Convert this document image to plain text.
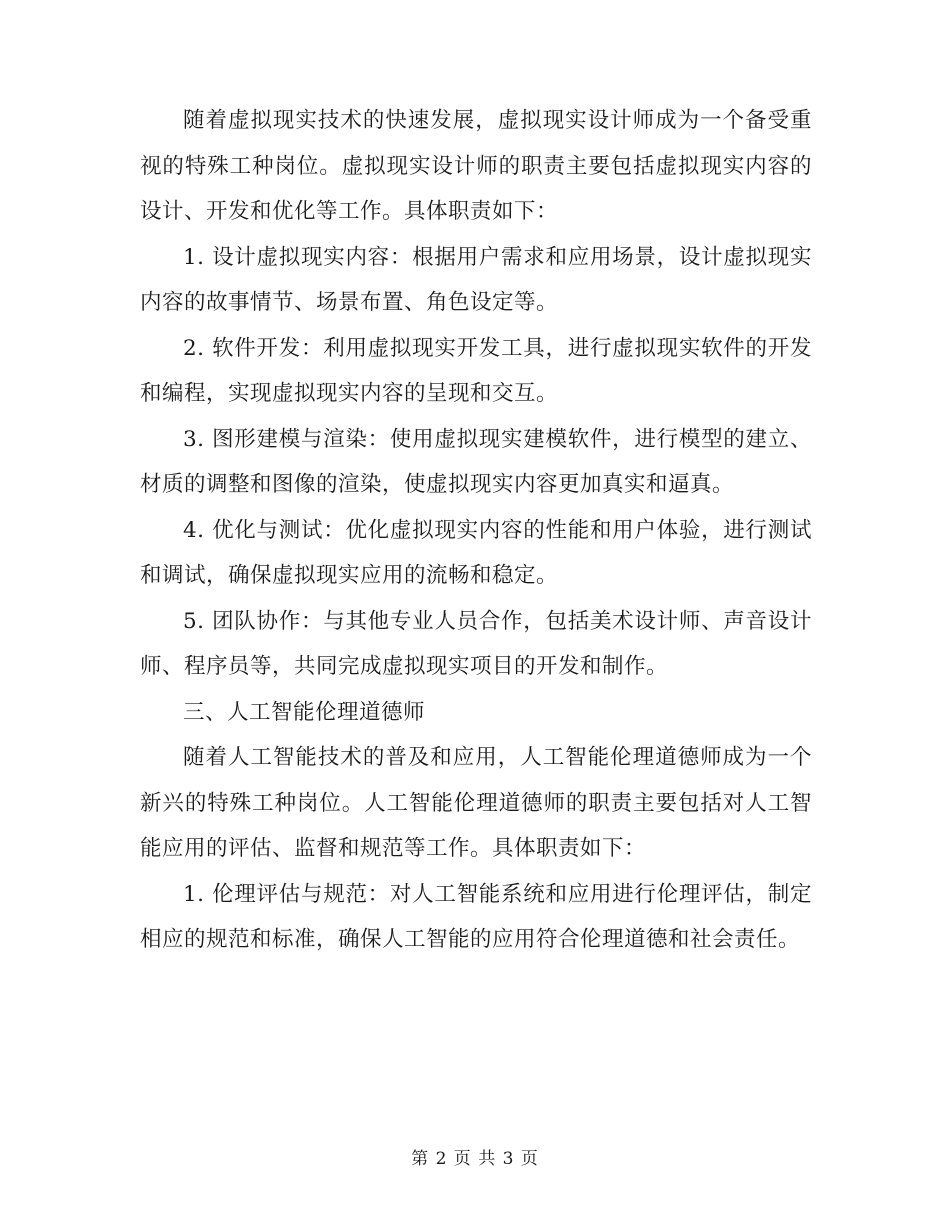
随着虚拟现实技术的快速发展，虚拟现实设计师成为一个备受重视的特殊工种岗位。虚拟现实设计师的职责主要包括虚拟现实内容的设计、开发和优化等工作。具体职责如下：

1. 设计虚拟现实内容：根据用户需求和应用场景，设计虚拟现实内容的故事情节、场景布置、角色设定等。

2. 软件开发：利用虚拟现实开发工具，进行虚拟现实软件的开发和编程，实现虚拟现实内容的呈现和交互。

3. 图形建模与渲染：使用虚拟现实建模软件，进行模型的建立、材质的调整和图像的渲染，使虚拟现实内容更加真实和逼真。

4. 优化与测试：优化虚拟现实内容的性能和用户体验，进行测试和调试，确保虚拟现实应用的流畅和稳定。

5. 团队协作：与其他专业人员合作，包括美术设计师、声音设计师、程序员等，共同完成虚拟现实项目的开发和制作。

三、人工智能伦理道德师

随着人工智能技术的普及和应用，人工智能伦理道德师成为一个新兴的特殊工种岗位。人工智能伦理道德师的职责主要包括对人工智能应用的评估、监督和规范等工作。具体职责如下：

1. 伦理评估与规范：对人工智能系统和应用进行伦理评估，制定相应的规范和标准，确保人工智能的应用符合伦理道德和社会责任。

第 2 页 共 3 页
